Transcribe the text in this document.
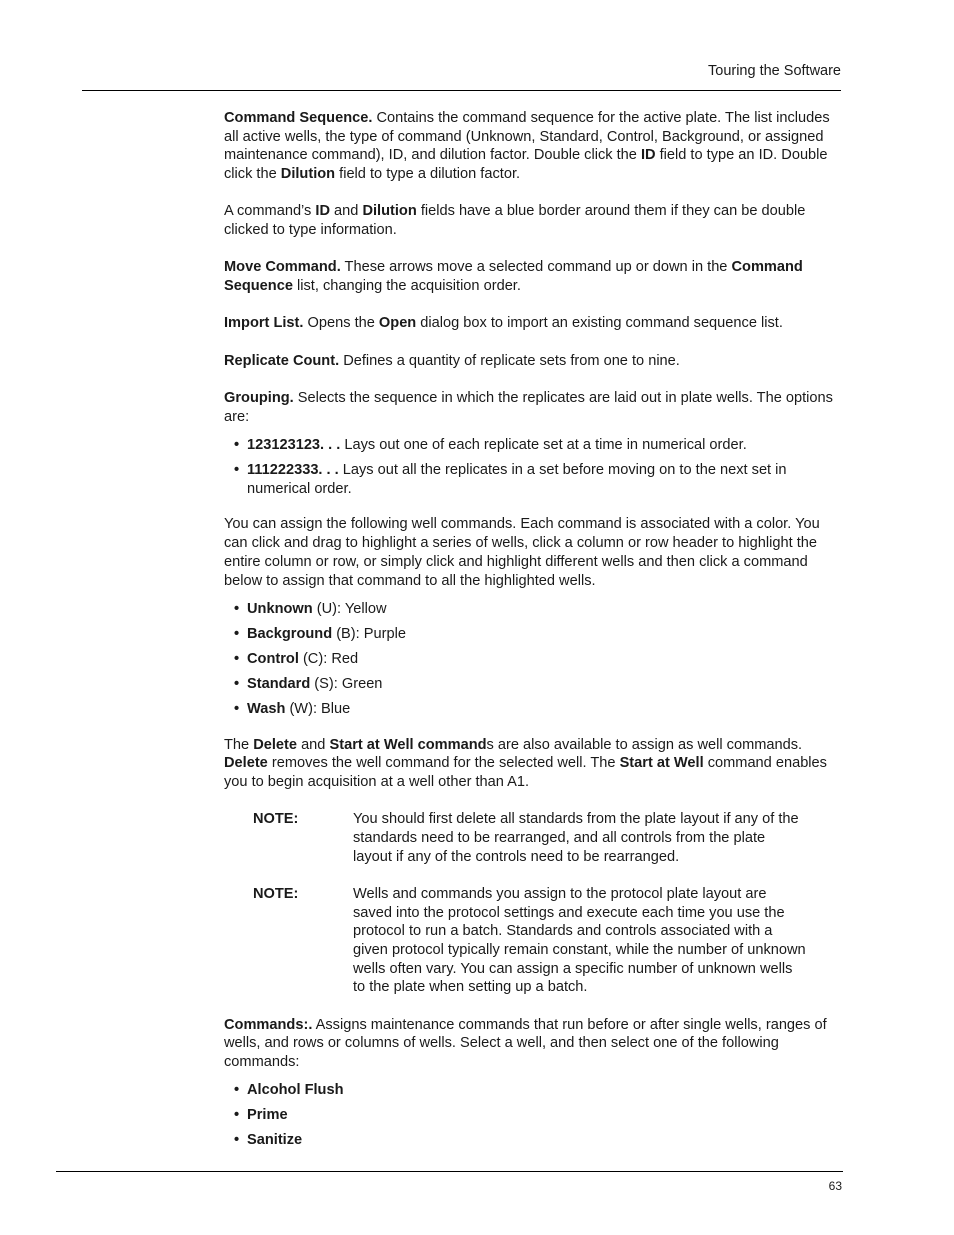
Touring the Software

Command Sequence. Contains the command sequence for the active plate. The list includes all active wells, the type of command (Unknown, Standard, Control, Background, or assigned maintenance command), ID, and dilution factor. Double click the ID field to type an ID. Double click the Dilution field to type a dilution factor.

A command’s ID and Dilution fields have a blue border around them if they can be double clicked to type information.

Move Command. These arrows move a selected command up or down in the Command Sequence list, changing the acquisition order.

Import List. Opens the Open dialog box to import an existing command sequence list.

Replicate Count. Defines a quantity of replicate sets from one to nine.

Grouping. Selects the sequence in which the replicates are laid out in plate wells. The options are:

• 123123123. . . Lays out one of each replicate set at a time in numerical order.
• 111222333. . . Lays out all the replicates in a set before moving on to the next set in numerical order.

You can assign the following well commands. Each command is associated with a color. You can click and drag to highlight a series of wells, click a column or row header to highlight the entire column or row, or simply click and highlight different wells and then click a command below to assign that command to all the highlighted wells.

• Unknown (U): Yellow
• Background (B): Purple
• Control (C): Red
• Standard (S): Green
• Wash (W): Blue

The Delete and Start at Well commands are also available to assign as well commands. Delete removes the well command for the selected well. The Start at Well command enables you to begin acquisition at a well other than A1.

NOTE:	You should first delete all standards from the plate layout if any of the standards need to be rearranged, and all controls from the plate layout if any of the controls need to be rearranged.
NOTE:	Wells and commands you assign to the protocol plate layout are saved into the protocol settings and execute each time you use the protocol to run a batch. Standards and controls associated with a given protocol typically remain constant, while the number of unknown wells often vary. You can assign a specific number of unknown wells to the plate when setting up a batch.

Commands:. Assigns maintenance commands that run before or after single wells, ranges of wells, and rows or columns of wells. Select a well, and then select one of the following commands:

• Alcohol Flush
• Prime
• Sanitize
63
